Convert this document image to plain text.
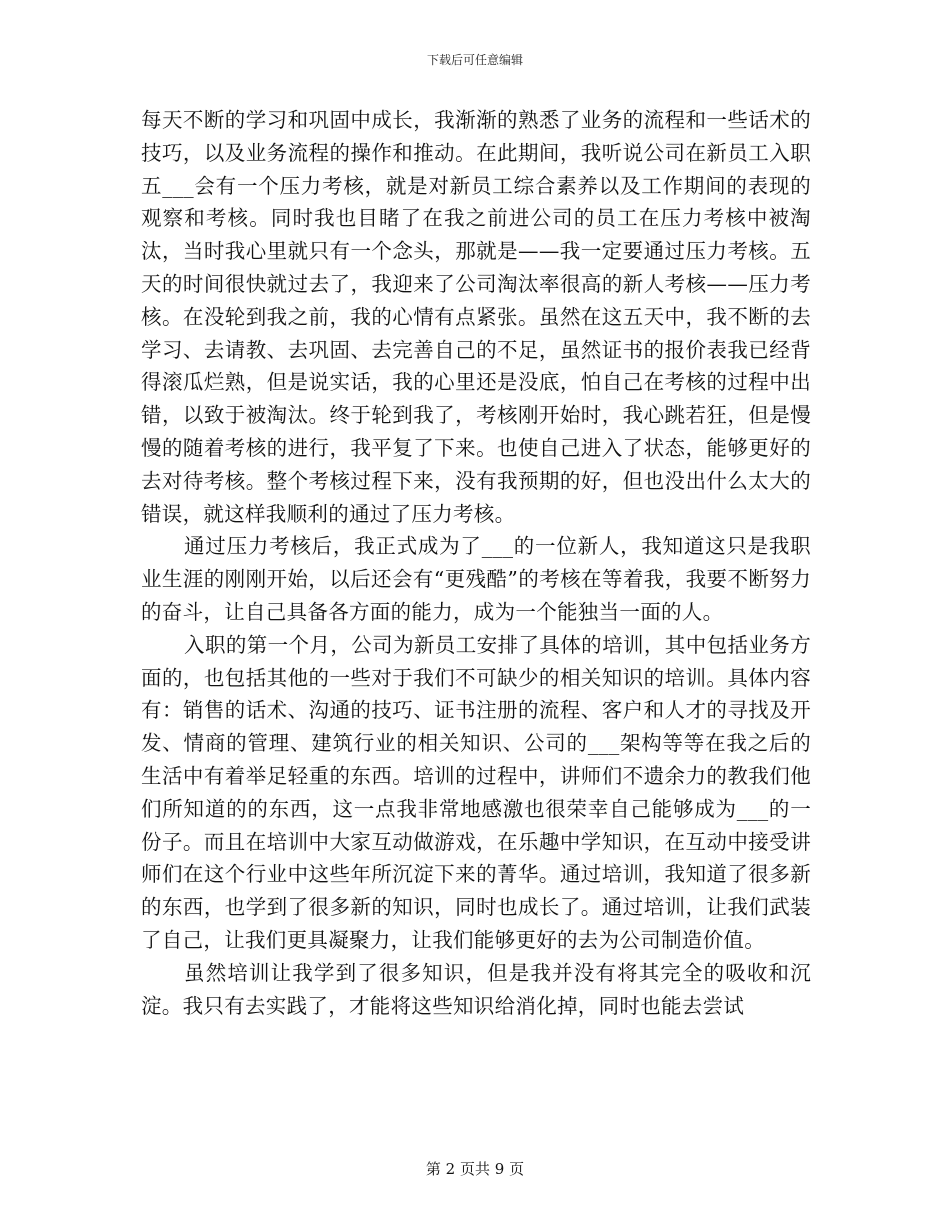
下载后可任意编辑

每天不断的学习和巩固中成长，我渐渐的熟悉了业务的流程和一些话术的技巧，以及业务流程的操作和推动。在此期间，我听说公司在新员工入职五___会有一个压力考核，就是对新员工综合素养以及工作期间的表现的观察和考核。同时我也目睹了在我之前进公司的员工在压力考核中被淘汰，当时我心里就只有一个念头，那就是——我一定要通过压力考核。五天的时间很快就过去了，我迎来了公司淘汰率很高的新人考核——压力考核。在没轮到我之前，我的心情有点紧张。虽然在这五天中，我不断的去学习、去请教、去巩固、去完善自己的不足，虽然证书的报价表我已经背得滚瓜烂熟，但是说实话，我的心里还是没底，怕自己在考核的过程中出错，以致于被淘汰。终于轮到我了，考核刚开始时，我心跳若狂，但是慢慢的随着考核的进行，我平复了下来。也使自己进入了状态，能够更好的去对待考核。整个考核过程下来，没有我预期的好，但也没出什么太大的错误，就这样我顺利的通过了压力考核。

通过压力考核后，我正式成为了___的一位新人，我知道这只是我职业生涯的刚刚开始，以后还会有“更残酷”的考核在等着我，我要不断努力的奋斗，让自己具备各方面的能力，成为一个能独当一面的人。

入职的第一个月，公司为新员工安排了具体的培训，其中包括业务方面的，也包括其他的一些对于我们不可缺少的相关知识的培训。具体内容有：销售的话术、沟通的技巧、证书注册的流程、客户和人才的寻找及开发、情商的管理、建筑行业的相关知识、公司的___架构等等在我之后的生活中有着举足轻重的东西。培训的过程中，讲师们不遗余力的教我们他们所知道的的东西，这一点我非常地感激也很荣幸自己能够成为___的一份子。而且在培训中大家互动做游戏，在乐趣中学知识，在互动中接受讲师们在这个行业中这些年所沉淀下来的菁华。通过培训，我知道了很多新的东西，也学到了很多新的知识，同时也成长了。通过培训，让我们武装了自己，让我们更具凝聚力，让我们能够更好的去为公司制造价值。

虽然培训让我学到了很多知识，但是我并没有将其完全的吸收和沉淀。我只有去实践了，才能将这些知识给消化掉，同时也能去尝试

第 2 页共 9 页
